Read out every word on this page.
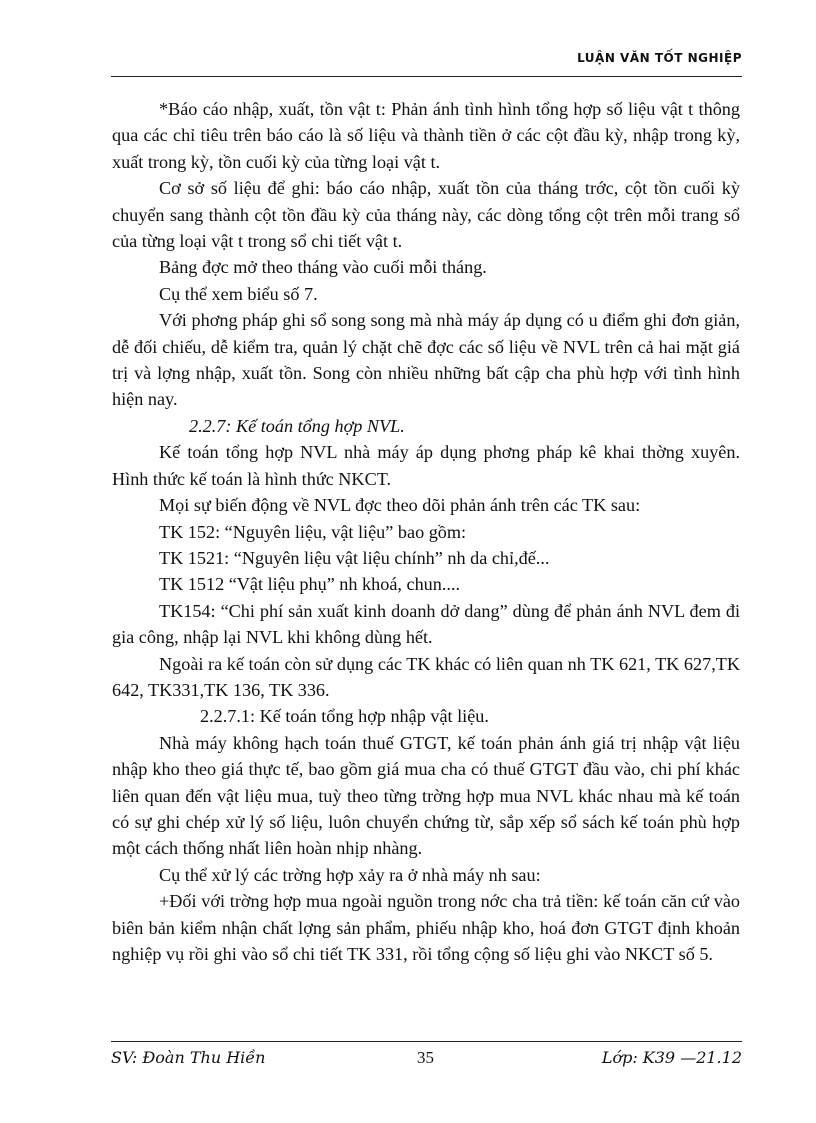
LUẬN VĂN TỐT NGHIỆP

*Báo cáo nhập, xuất, tồn vật t: Phản ánh tình hình tổng hợp số liệu vật t thông qua các chỉ tiêu trên báo cáo là số liệu và thành tiền ở các cột đầu kỳ, nhập trong kỳ, xuất trong kỳ, tồn cuối kỳ của từng loại vật t.

Cơ sở số liệu để ghi: báo cáo nhập, xuất tồn của tháng trớc, cột tồn cuối kỳ chuyển sang thành cột tồn đầu kỳ của tháng này, các dòng tổng cột trên mỗi trang sổ của từng loại vật t trong sổ chi tiết vật t.

Bảng đợc mở theo tháng vào cuối mỗi tháng.

Cụ thể xem biểu số 7.

Với phơng pháp ghi sổ song song mà nhà máy áp dụng có u điểm ghi đơn giản, dễ đối chiếu, dễ kiểm tra, quản lý chặt chẽ đợc các số liệu về NVL trên cả hai mặt giá trị và lợng nhập, xuất tồn. Song còn nhiều những bất cập cha phù hợp với tình hình hiện nay.

2.2.7: Kế toán tổng hợp NVL.

Kế toán tổng hợp NVL nhà máy áp dụng phơng pháp kê khai thờng xuyên. Hình thức kế toán là hình thức NKCT.

Mọi sự biến động về NVL đợc theo dõi phản ánh trên các TK sau:

TK 152: “Nguyên liệu, vật liệu” bao gồm:

TK 1521: “Nguyên liệu vật liệu chính” nh da chỉ,đế...

TK 1512 “Vật liệu phụ” nh khoá, chun....

TK154: “Chi phí sản xuất kinh doanh dở dang” dùng để phản ánh NVL đem đi gia công, nhập lại NVL khi không dùng hết.

Ngoài ra kế toán còn sử dụng các TK khác có liên quan nh TK 621, TK 627,TK 642, TK331,TK 136, TK 336.

2.2.7.1: Kế toán tổng hợp nhập vật liệu.

Nhà máy không hạch toán thuế GTGT, kế toán phản ánh giá trị nhập vật liệu nhập kho theo giá thực tế, bao gồm giá mua cha có thuế GTGT đầu vào, chi phí khác liên quan đến vật liệu mua, tuỳ theo từng trờng hợp mua NVL khác nhau mà kế toán có sự ghi chép xử lý số liệu, luôn chuyển chứng từ, sắp xếp sổ sách kế toán phù hợp một cách thống nhất liên hoàn nhịp nhàng.

Cụ thể xử lý các trờng hợp xảy ra ở nhà máy nh sau:

+Đối với trờng hợp mua ngoài nguồn trong nớc cha trả tiền: kế toán căn cứ vào biên bản kiểm nhận chất lợng sản phẩm, phiếu nhập kho, hoá đơn GTGT định khoản nghiệp vụ rồi ghi vào sổ chi tiết TK 331, rồi tổng cộng số liệu ghi vào NKCT số 5.

SV: Đoàn Thu Hiền	35	Lớp: K39 —21.12
